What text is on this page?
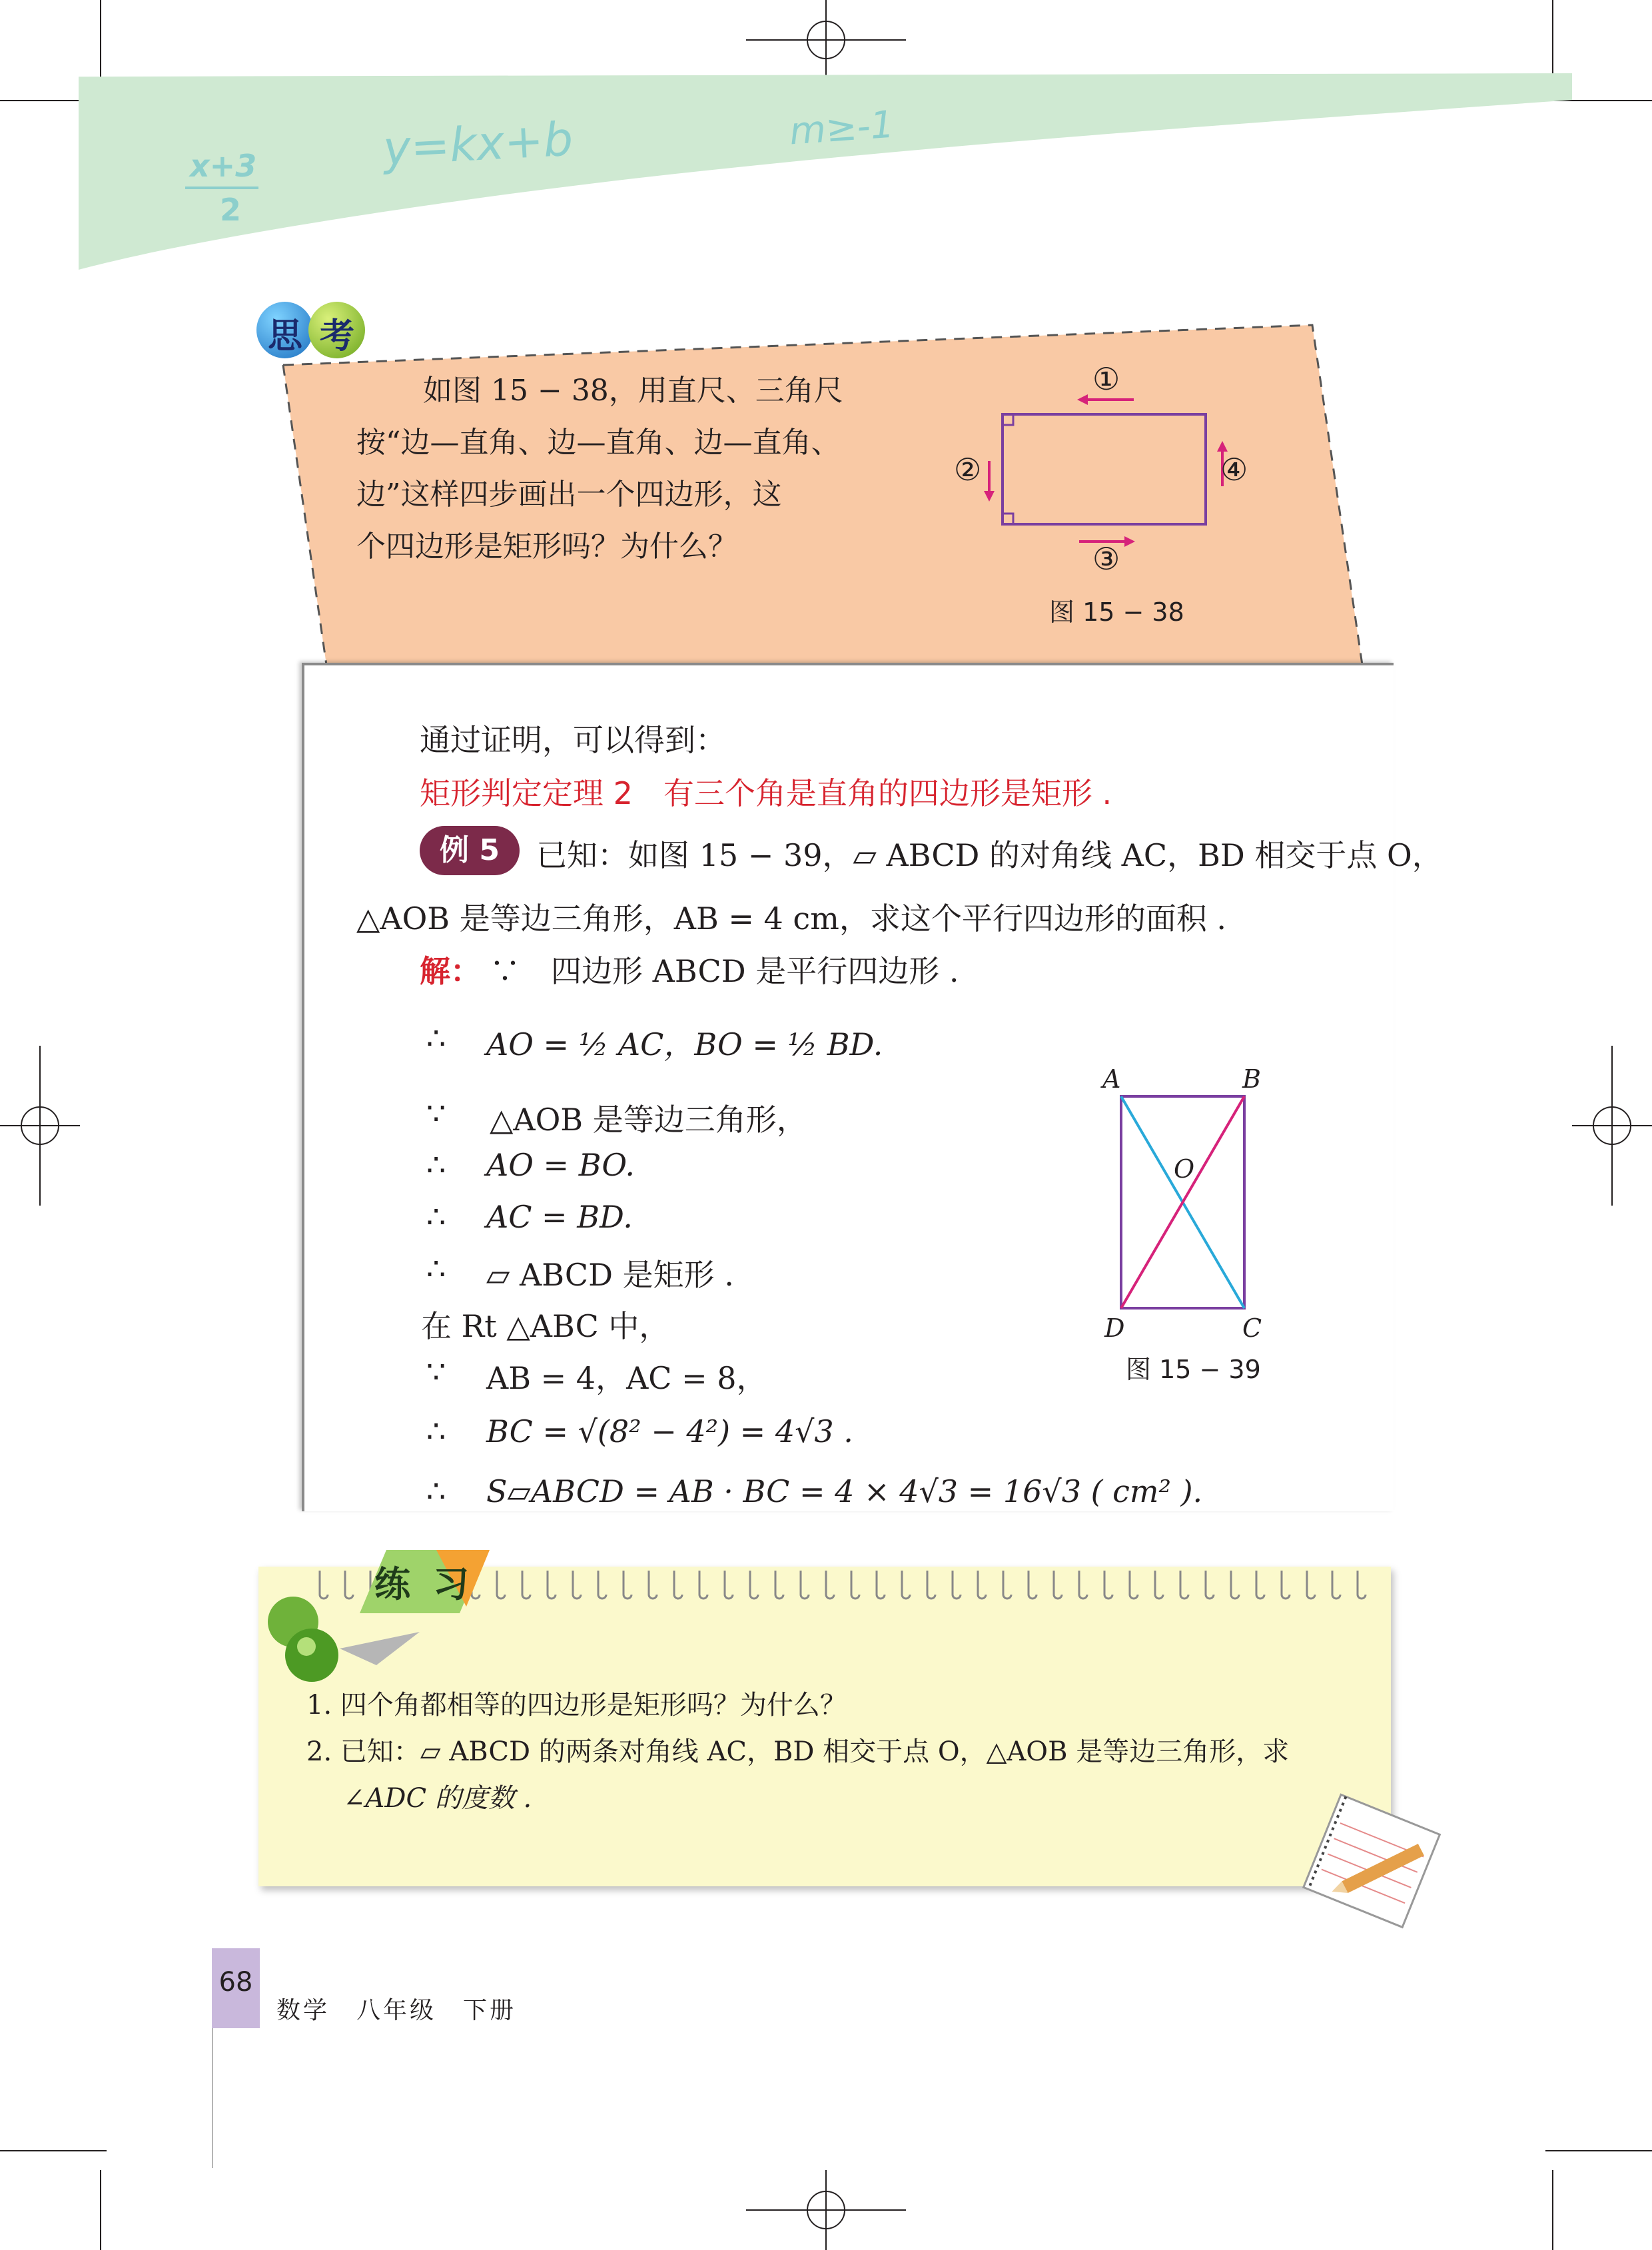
x+3
2
y=kx+b	m≥-1
思 考
如图 15 − 38，用直尺、三角尺
按“边—直角、边—直角、边—直角、
边”这样四步画出一个四边形，这
个四边形是矩形吗？为什么？
①
②
③
④
图 15 − 38
通过证明，可以得到：
矩形判定定理 2　有三个角是直角的四边形是矩形 .
例 5	已知：如图 15 − 39，▱ ABCD 的对角线 AC，BD 相交于点 O，
△AOB 是等边三角形，AB = 4 cm，求这个平行四边形的面积 .
解： ∵　四边形 ABCD 是平行四边形 .
∴ AO = ½ AC，BO = ½ BD.
∵ △AOB 是等边三角形，
∴ AO = BO.
∴ AC = BD.
∴ ▱ ABCD 是矩形 .
在 Rt △ABC 中，
∵ AB = 4，AC = 8，
∴ BC = √(8² − 4²) = 4√3 .
∴ S▱ABCD = AB · BC = 4 × 4√3 = 16√3 ( cm² ).
A	B
O
D	C
图 15 − 39
练 习
1. 四个角都相等的四边形是矩形吗？为什么？
2. 已知：▱ ABCD 的两条对角线 AC，BD 相交于点 O，△AOB 是等边三角形，求
∠ADC 的度数 .
68
数学　八年级　下册
